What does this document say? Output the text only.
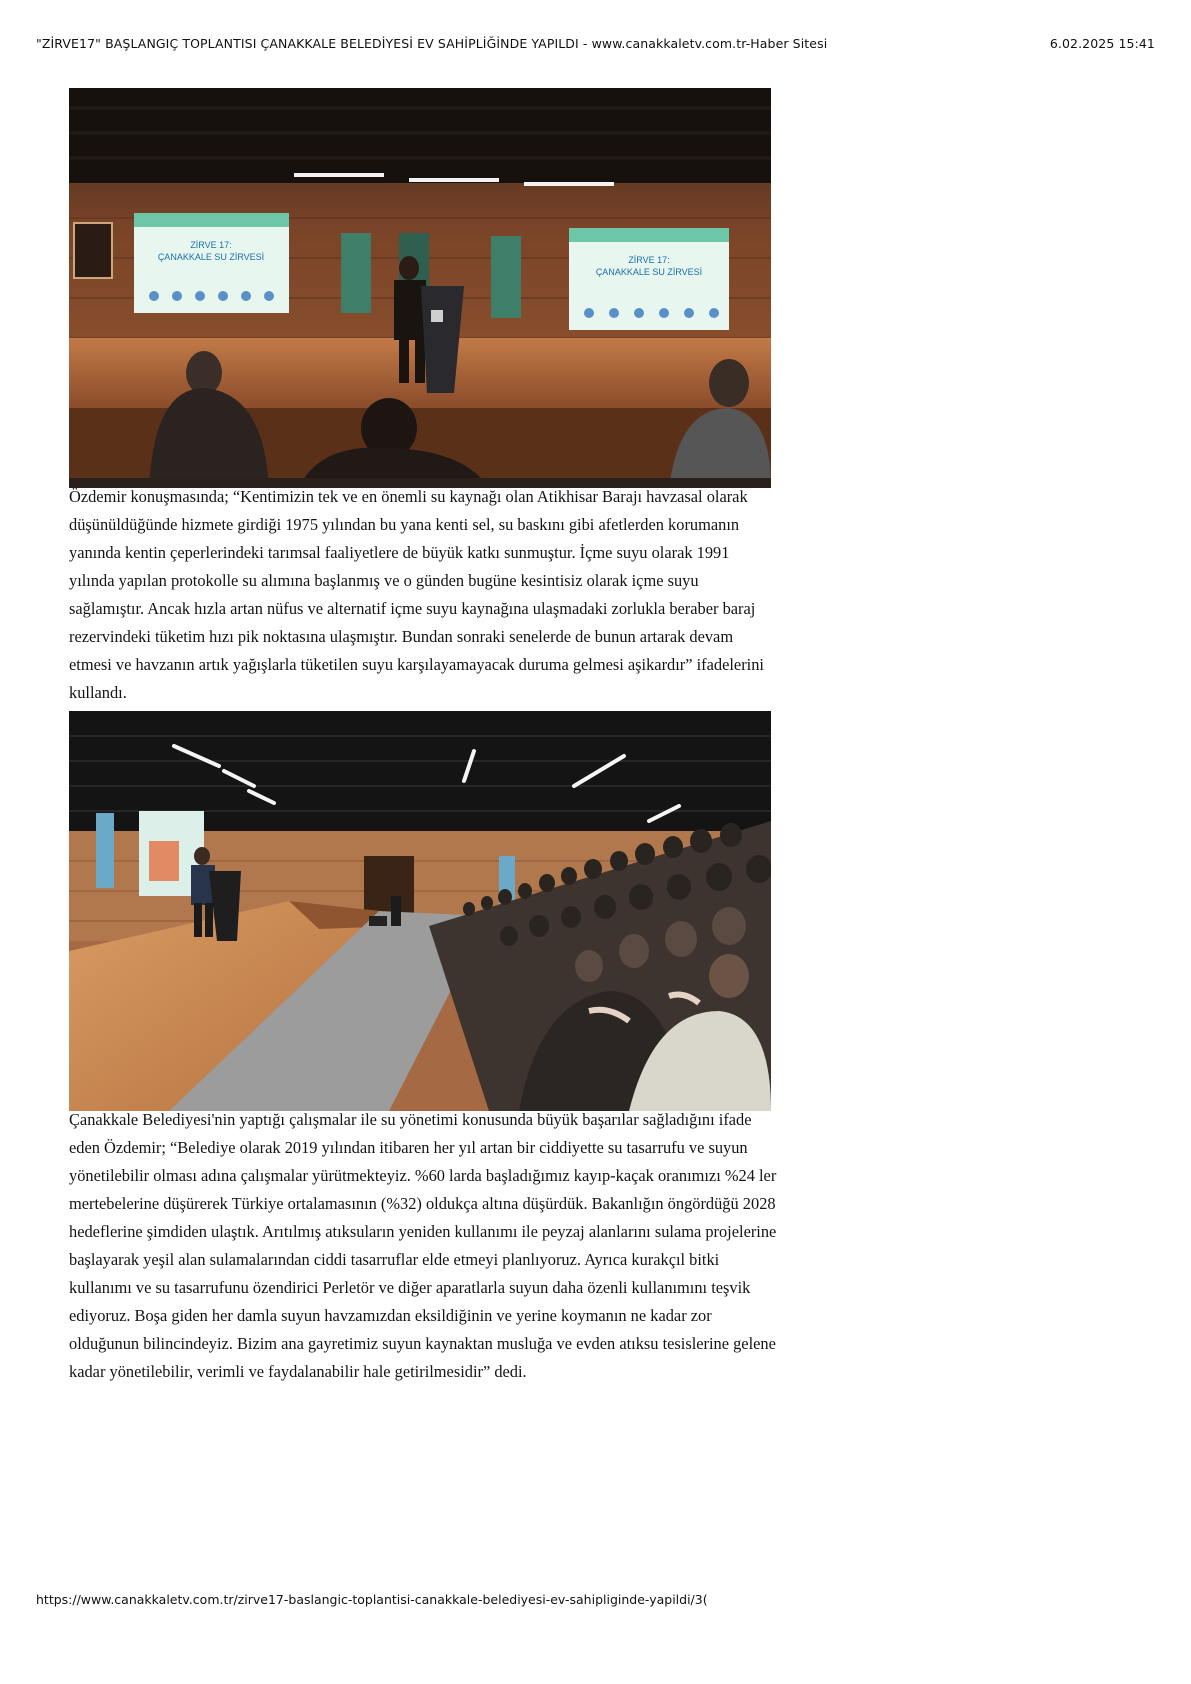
"ZİRVE17" BAŞLANGIÇ TOPLANTISI ÇANAKKALE BELEDİYESİ EV SAHİPLİĞİNDE YAPILDI - www.canakkaletv.com.tr-Haber Sitesi	6.02.2025 15:41
ZİRVE 17:
ÇANAKKALE SU ZİRVESİ	ZİRVE 17:
ÇANAKKALE SU ZİRVESİ

Özdemir konuşmasında; “Kentimizin tek ve en önemli su kaynağı olan Atikhisar Barajı havzasal olarak düşünüldüğünde hizmete girdiği 1975 yılından bu yana kenti sel, su baskını gibi afetlerden korumanın yanında kentin çeperlerindeki tarımsal faaliyetlere de büyük katkı sunmuştur. İçme suyu olarak 1991 yılında yapılan protokolle su alımına başlanmış ve o günden bugüne kesintisiz olarak içme suyu sağlamıştır. Ancak hızla artan nüfus ve alternatif içme suyu kaynağına ulaşmadaki zorlukla beraber baraj rezervindeki tüketim hızı pik noktasına ulaşmıştır. Bundan sonraki senelerde de bunun artarak devam etmesi ve havzanın artık yağışlarla tüketilen suyu karşılayamayacak duruma gelmesi aşikardır” ifadelerini kullandı.

Çanakkale Belediyesi'nin yaptığı çalışmalar ile su yönetimi konusunda büyük başarılar sağladığını ifade eden Özdemir; “Belediye olarak 2019 yılından itibaren her yıl artan bir ciddiyette su tasarrufu ve suyun yönetilebilir olması adına çalışmalar yürütmekteyiz. %60 larda başladığımız kayıp-kaçak oranımızı %24 ler mertebelerine düşürerek Türkiye ortalamasının (%32) oldukça altına düşürdük. Bakanlığın öngördüğü 2028 hedeflerine şimdiden ulaştık. Arıtılmış atıksuların yeniden kullanımı ile peyzaj alanlarını sulama projelerine başlayarak yeşil alan sulamalarından ciddi tasarruflar elde etmeyi planlıyoruz. Ayrıca kurakçıl bitki kullanımı ve su tasarrufunu özendirici Perletör ve diğer aparatlarla suyun daha özenli kullanımını teşvik ediyoruz. Boşa giden her damla suyun havzamızdan eksildiğinin ve yerine koymanın ne kadar zor olduğunun bilincindeyiz. Bizim ana gayretimiz suyun kaynaktan musluğa ve evden atıksu tesislerine gelene kadar yönetilebilir, verimli ve faydalanabilir hale getirilmesidir” dedi.

https://www.canakkaletv.com.tr/zirve17-baslangic-toplantisi-canakkale-belediyesi-ev-sahipliginde-yapildi/3(
